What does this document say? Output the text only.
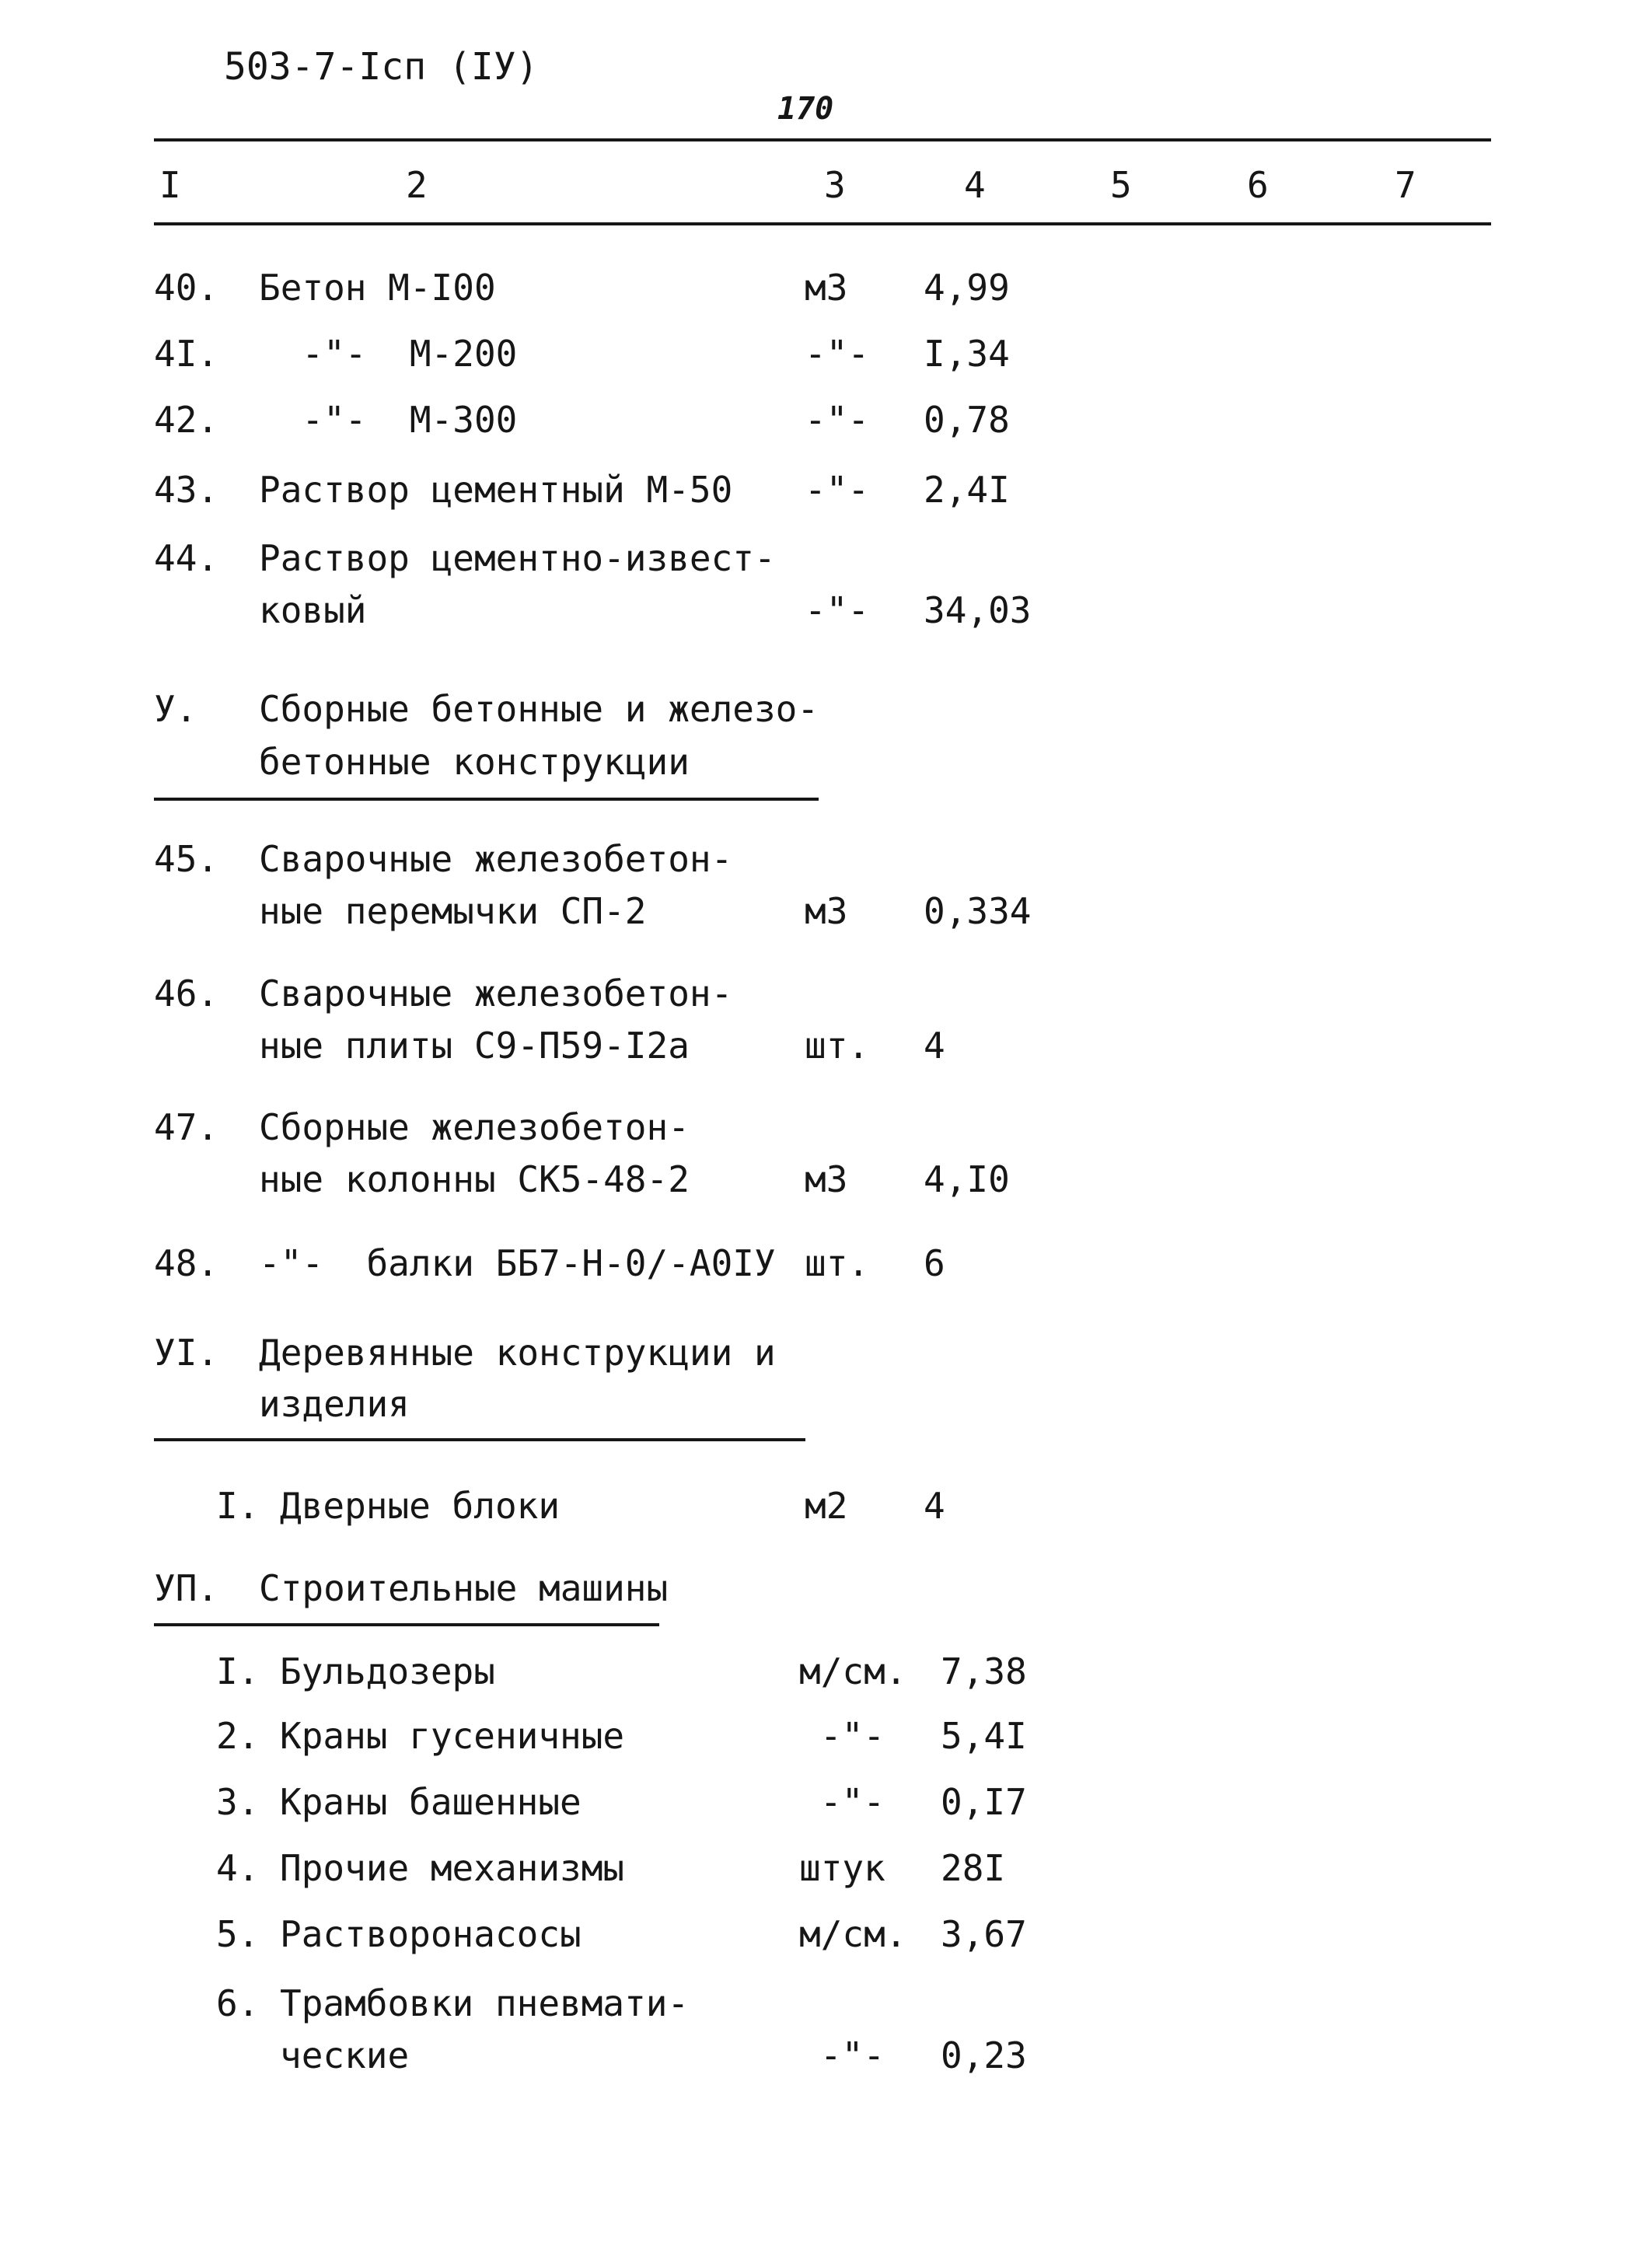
503-7-Iсп (IУ)
170
I	2	3	4	5	6	7
40. Бетон М-I00	м3 4,99
4I. -"-  М-200	-"- I,34
42. -"-  М-300	-"- 0,78
43. Раствор цементный М-50 -"- 2,4I
44. Раствор цементно-извест-
ковый	-"- 34,03
У. Сборные бетонные и железо-
бетонные конструкции
45. Сварочные железобетон-
ные перемычки СП-2	м3 0,334
46. Сварочные железобетон-
ные плиты С9-П59-I2а	шт. 4
47. Сборные железобетон-
ные колонны СК5-48-2	м3 4,I0
48. -"-  балки ББ7-Н-0/-А0IУ шт. 6
УI. Деревянные конструкции и
изделия
I. Дверные блоки	м2 4
УП. Строительные машины
I. Бульдозеры	м/см. 7,38
2. Краны гусеничные	-"- 5,4I
3. Краны башенные	-"- 0,I7
4. Прочие механизмы	штук 28I
5. Растворонасосы	м/см. 3,67
6. Трамбовки пневмати-
ческие	-"- 0,23
